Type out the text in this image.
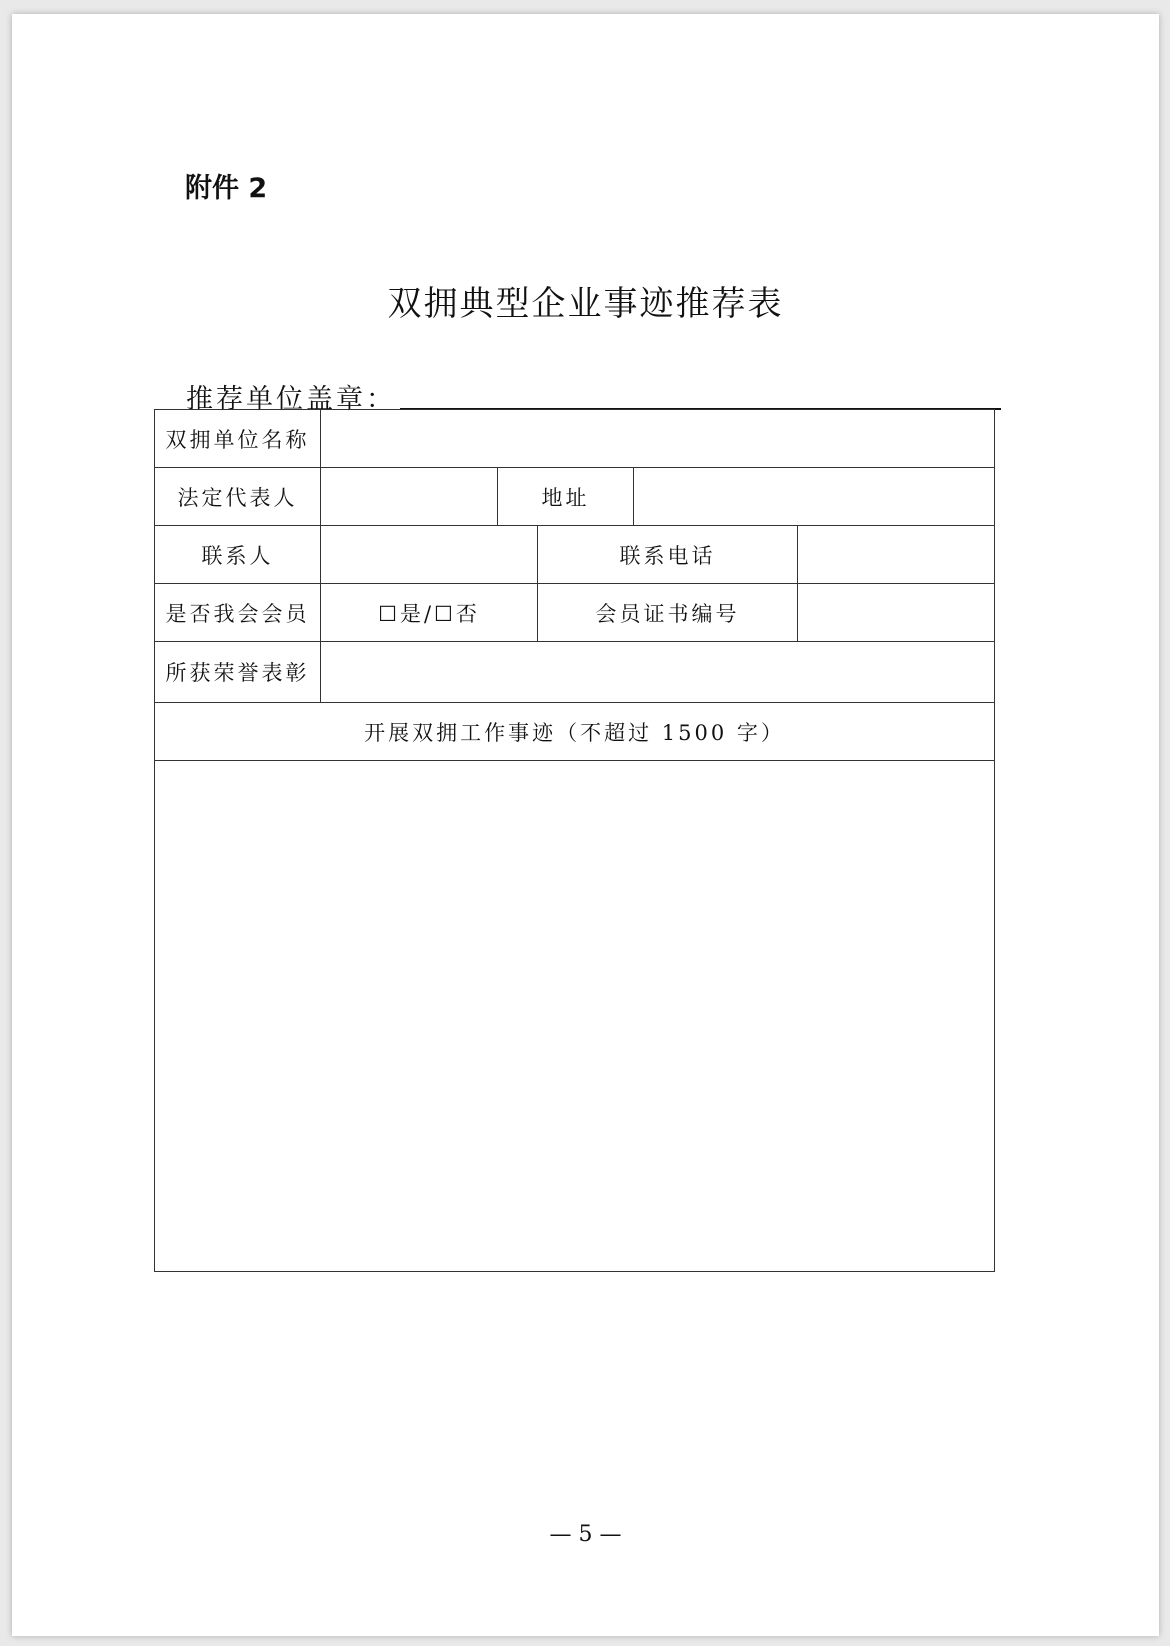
附件 2
双拥典型企业事迹推荐表
推荐单位盖章：
— 5 —
双拥单位名称					
法定代表人		地址			
联系人			联系电话		
是否我会会员	☐是/☐否		会员证书编号		
所获荣誉表彰					
开展双拥工作事迹（不超过 1500 字）					
